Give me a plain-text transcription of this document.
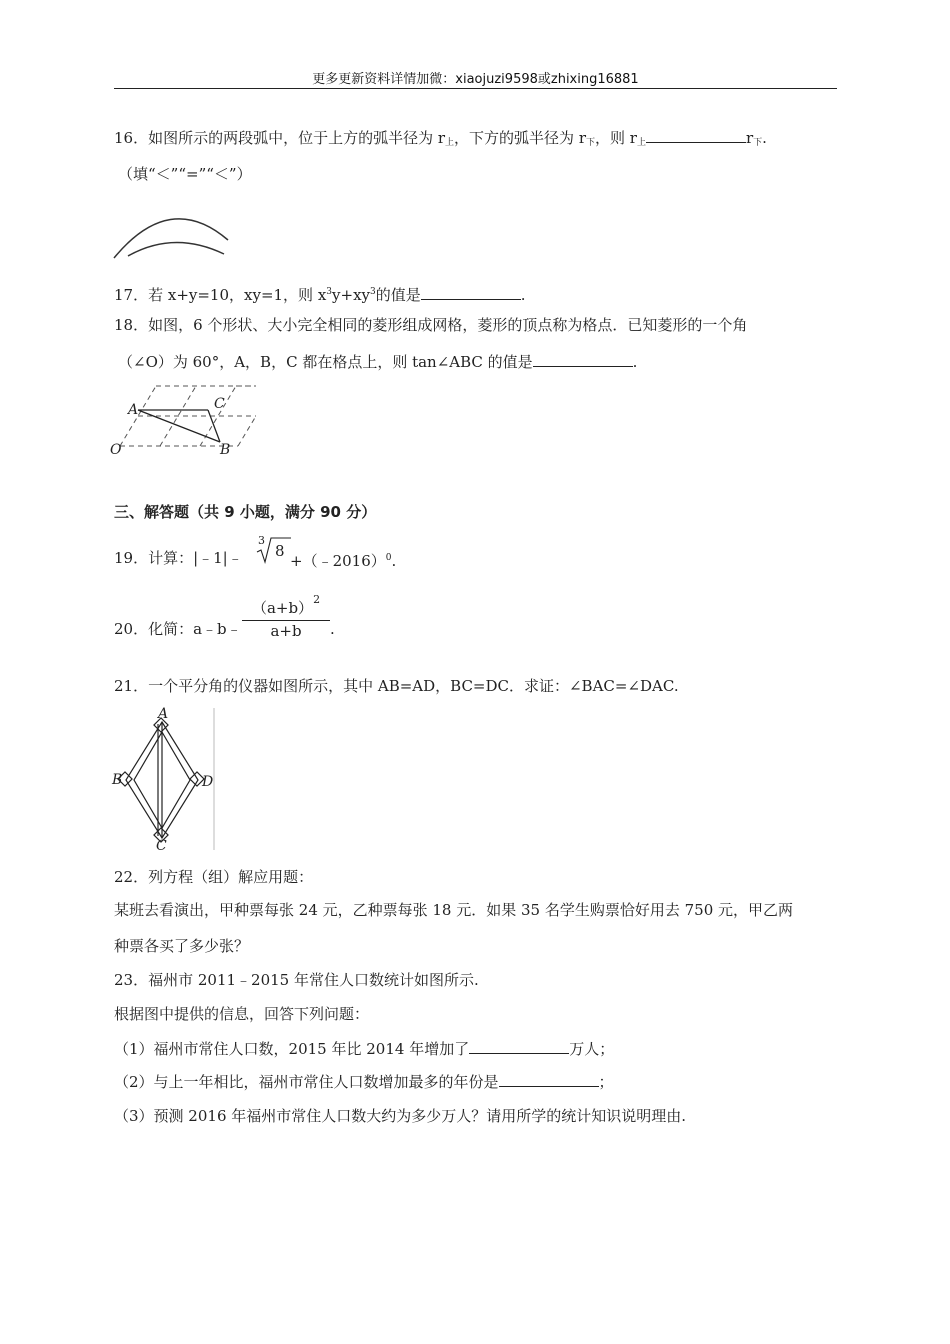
更多更新资料详情加微：xiaojuzi9598或zhixing16881
16．如图所示的两段弧中，位于上方的弧半径为 $r_上$，下方的弧半径为 $r_下$，则 $r_上$	$r_下$.
（填“＜”“=”“＜”）
17．若 x+y=10，xy=1，则 $x^3y+xy^3$的值是	.
18．如图，6 个形状、大小完全相同的菱形组成网格，菱形的顶点称为格点．已知菱形的一个角
（∠O）为 60°，A，B，C 都在格点上，则 tan∠ABC 的值是	.
A	C
O	B
三、解答题（共 9 小题，满分 90 分）
19．计算：|﹣1|﹣
3
8
+（﹣2016）$^0$.
20．化简：a﹣b﹣
$(a+b)^2$
a+b	.
21．一个平分角的仪器如图所示，其中 AB=AD，BC=DC．求证：∠BAC=∠DAC.
A
B	D
C
22．列方程（组）解应用题：
某班去看演出，甲种票每张 24 元，乙种票每张 18 元．如果 35 名学生购票恰好用去 750 元，甲乙两
种票各买了多少张？
23．福州市 2011﹣2015 年常住人口数统计如图所示.
根据图中提供的信息，回答下列问题：
（1）福州市常住人口数，2015 年比 2014 年增加了	万人；
（2）与上一年相比，福州市常住人口数增加最多的年份是	；
（3）预测 2016 年福州市常住人口数大约为多少万人？请用所学的统计知识说明理由.
